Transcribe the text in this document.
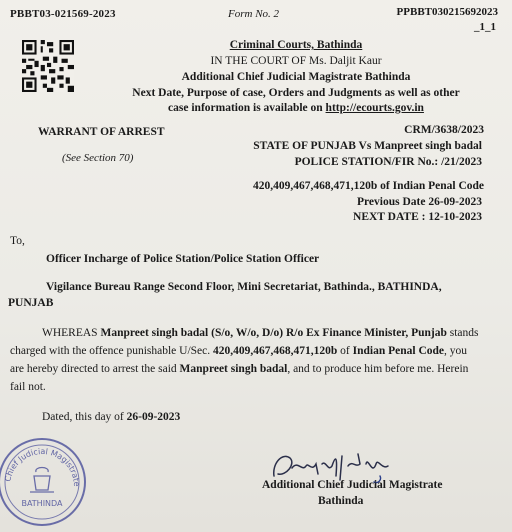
PBBT03-021569-2023	Form No. 2	PPBBT030215692023
_1_1
Criminal Courts, Bathinda
IN THE COURT OF Ms. Daljit Kaur
Additional Chief Judicial Magistrate Bathinda
Next Date, Purpose of case, Orders and Judgments as well as other
case information is available on http://ecourts.gov.in
WARRANT OF ARREST	CRM/3638/2023
STATE OF PUNJAB Vs Manpreet singh badal
(See Section 70)	POLICE STATION/FIR No.: /21/2023
420,409,467,468,471,120b of Indian Penal Code
Previous Date 26-09-2023
NEXT DATE : 12-10-2023
To,
Officer Incharge of Police Station/Police Station Officer
Vigilance Bureau Range Second Floor, Mini Secretariat, Bathinda., BATHINDA,
PUNJAB
WHEREAS Manpreet singh badal (S/o, W/o, D/o) R/o Ex Finance Minister, Punjab stands
charged with the offence punishable U/Sec. 420,409,467,468,471,120b of Indian Penal Code, you
are hereby directed to arrest the said Manpreet singh badal, and to produce him before me. Herein
fail not.
Dated, this day of 26-09-2023
Additional Chief Judicial Magistrate
Bathinda
Chief Judicial Magistrate
BATHINDA
